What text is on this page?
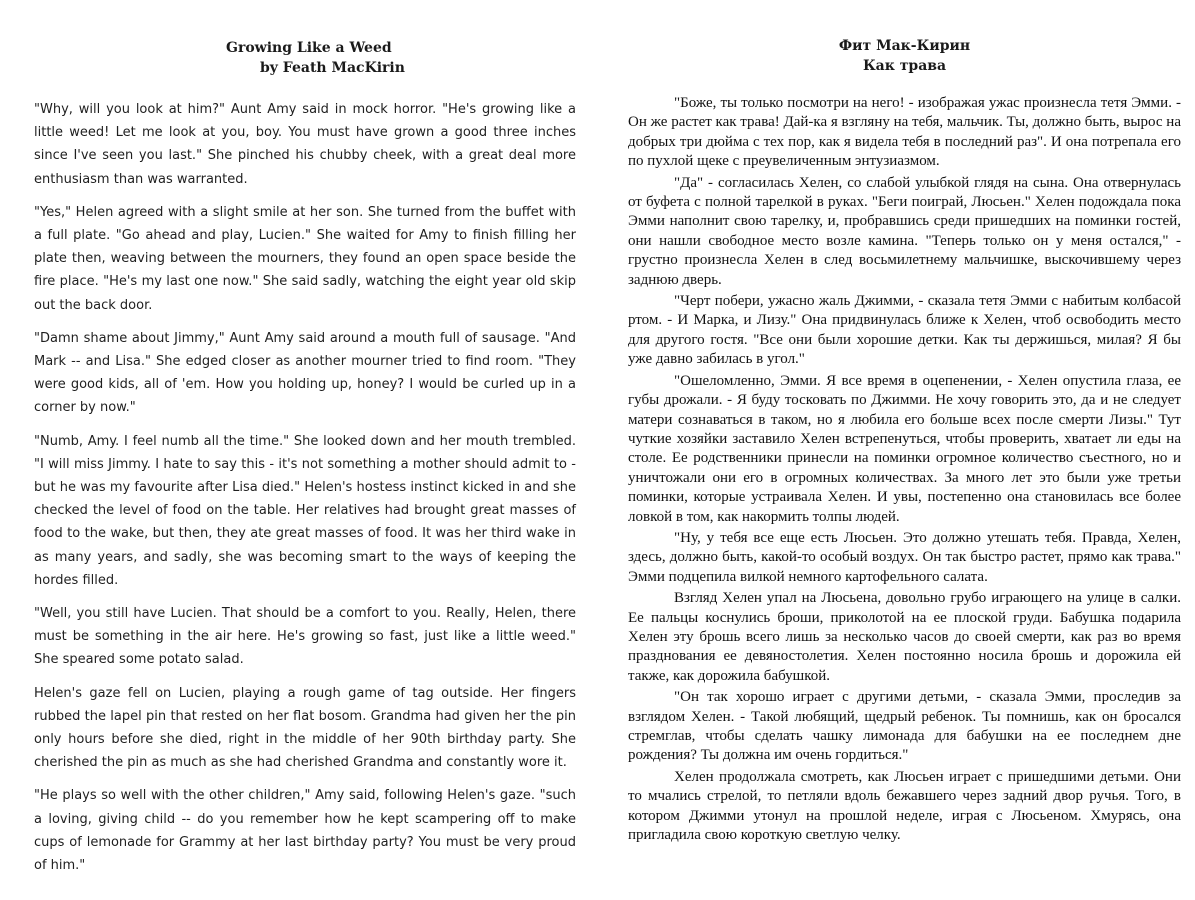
Growing Like a Weed
by Feath MacKirin

"Why, will you look at him?" Aunt Amy said in mock horror. "He's growing like a little weed! Let me look at you, boy. You must have grown a good three inches since I've seen you last." She pinched his chubby cheek, with a great deal more enthusiasm than was warranted.

"Yes," Helen agreed with a slight smile at her son. She turned from the buffet with a full plate. "Go ahead and play, Lucien." She waited for Amy to finish filling her plate then, weaving between the mourners, they found an open space beside the fire place. "He's my last one now." She said sadly, watching the eight year old skip out the back door.

"Damn shame about Jimmy," Aunt Amy said around a mouth full of sausage. "And Mark -- and Lisa." She edged closer as another mourner tried to find room. "They were good kids, all of 'em. How you holding up, honey? I would be curled up in a corner by now."

"Numb, Amy. I feel numb all the time." She looked down and her mouth trembled. "I will miss Jimmy. I hate to say this - it's not something a mother should admit to - but he was my favourite after Lisa died." Helen's hostess instinct kicked in and she checked the level of food on the table. Her relatives had brought great masses of food to the wake, but then, they ate great masses of food. It was her third wake in as many years, and sadly, she was becoming smart to the ways of keeping the hordes filled.

"Well, you still have Lucien. That should be a comfort to you. Really, Helen, there must be something in the air here. He's growing so fast, just like a little weed." She speared some potato salad.

Helen's gaze fell on Lucien, playing a rough game of tag outside. Her fingers rubbed the lapel pin that rested on her flat bosom. Grandma had given her the pin only hours before she died, right in the middle of her 90th birthday party. She cherished the pin as much as she had cherished Grandma and constantly wore it.

"He plays so well with the other children," Amy said, following Helen's gaze. "such a loving, giving child -- do you remember how he kept scampering off to make cups of lemonade for Grammy at her last birthday party? You must be very proud of him."

Фит Мак-Кирин
Как трава

"Боже, ты только посмотри на него! - изображая ужас произнесла тетя Эмми. - Он же растет как трава! Дай-ка я взгляну на тебя, мальчик. Ты, должно быть, вырос на добрых три дюйма с тех пор, как я видела тебя в последний раз". И она потрепала его по пухлой щеке с преувеличенным энтузиазмом.

"Да" - согласилась Хелен, со слабой улыбкой глядя на сына. Она отвернулась от буфета с полной тарелкой в руках. "Беги поиграй, Люсьен." Хелен подождала пока Эмми наполнит свою тарелку, и, пробравшись среди пришедших на поминки гостей, они нашли свободное место возле камина. "Теперь только он у меня остался," - грустно произнесла Хелен в след восьмилетнему мальчишке, выскочившему через заднюю дверь.

"Черт побери, ужасно жаль Джимми, - сказала тетя Эмми с набитым колбасой ртом. - И Марка, и Лизу." Она придвинулась ближе к Хелен, чтоб освободить место для другого гостя. "Все они были хорошие детки. Как ты держишься, милая? Я бы уже давно забилась в угол."

"Ошеломленно, Эмми. Я все время в оцепенении, - Хелен опустила глаза, ее губы дрожали. - Я буду тосковать по Джимми. Не хочу говорить это, да и не следует матери сознаваться в таком, но я любила его больше всех после смерти Лизы." Тут чуткие хозяйки заставило Хелен встрепенуться, чтобы проверить, хватает ли еды на столе. Ее родственники принесли на поминки огромное количество съестного, но и уничтожали они его в огромных количествах. За много лет это были уже третьи поминки, которые устраивала Хелен. И увы, постепенно она становилась все более ловкой в том, как накормить толпы людей.

"Ну, у тебя все еще есть Люсьен. Это должно утешать тебя. Правда, Хелен, здесь, должно быть, какой-то особый воздух. Он так быстро растет, прямо как трава." Эмми подцепила вилкой немного картофельного салата.

Взгляд Хелен упал на Люсьена, довольно грубо играющего на улице в салки. Ее пальцы коснулись броши, приколотой на ее плоской груди. Бабушка подарила Хелен эту брошь всего лишь за несколько часов до своей смерти, как раз во время празднования ее девяностолетия. Хелен постоянно носила брошь и дорожила ей также, как дорожила бабушкой.

"Он так хорошо играет с другими детьми, - сказала Эмми, проследив за взглядом Хелен. - Такой любящий, щедрый ребенок. Ты помнишь, как он бросался стремглав, чтобы сделать чашку лимонада для бабушки на ее последнем дне рождения? Ты должна им очень гордиться."

Хелен продолжала смотреть, как Люсьен играет с пришедшими детьми. Они то мчались стрелой, то петляли вдоль бежавшего через задний двор ручья. Того, в котором Джимми утонул на прошлой неделе, играя с Люсьеном. Хмурясь, она пригладила свою короткую светлую челку.
